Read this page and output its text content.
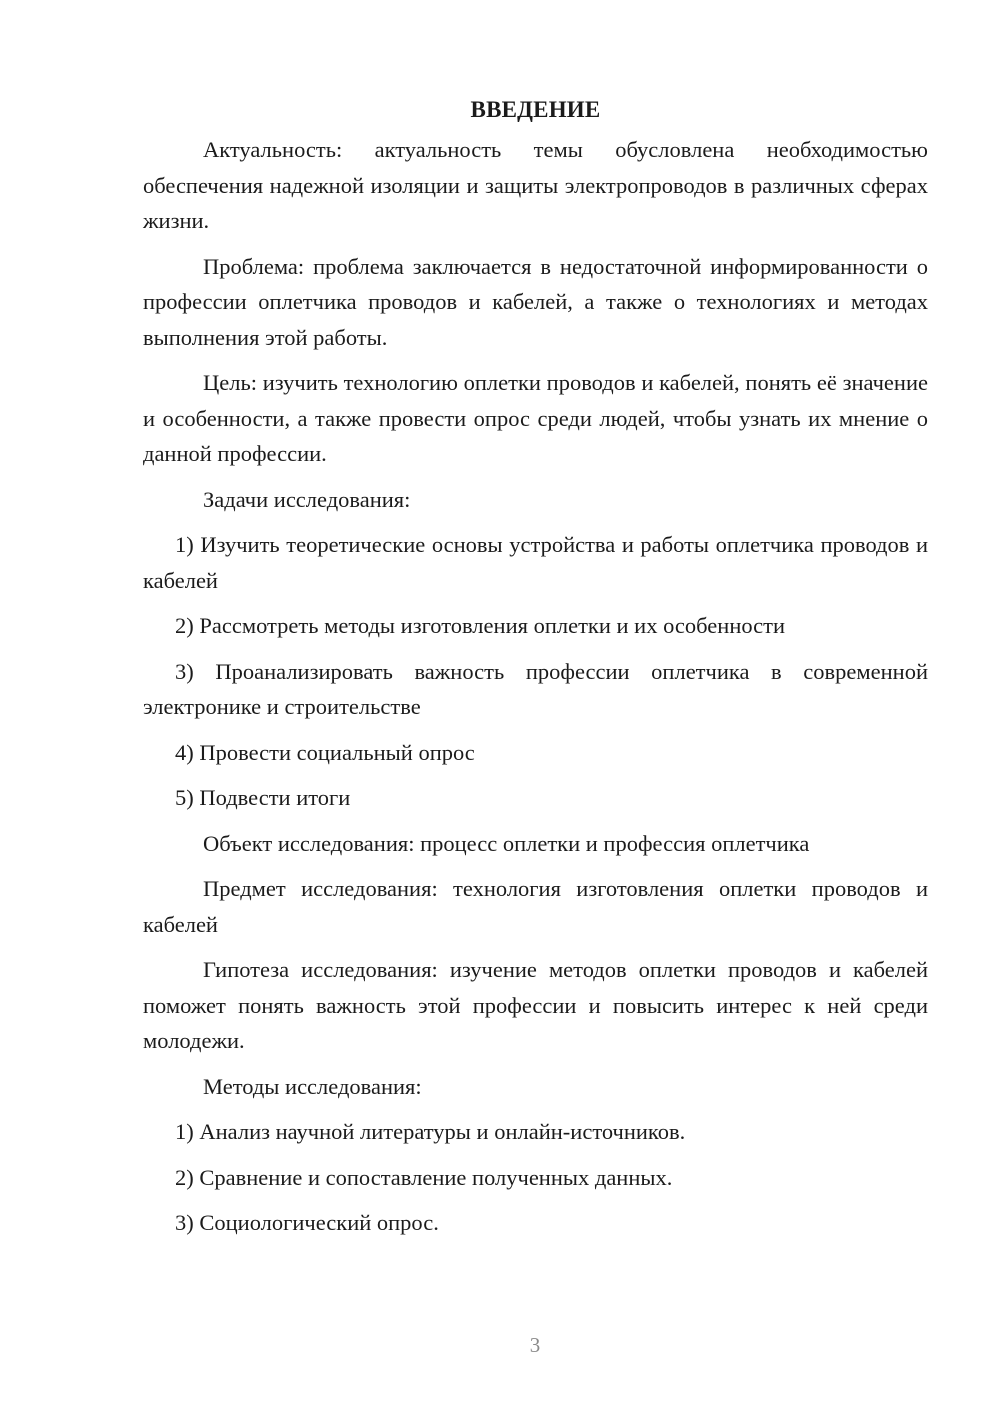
ВВЕДЕНИЕ

Актуальность: актуальность темы обусловлена необходимостью обеспечения надежной изоляции и защиты электропроводов в различных сферах жизни.

Проблема: проблема заключается в недостаточной информированности о профессии оплетчика проводов и кабелей, а также о технологиях и методах выполнения этой работы.

Цель: изучить технологию оплетки проводов и кабелей, понять её значение и особенности, а также провести опрос среди людей, чтобы узнать их мнение о данной профессии.

Задачи исследования:

1) Изучить теоретические основы устройства и работы оплетчика проводов и кабелей

2) Рассмотреть методы изготовления оплетки и их особенности

3) Проанализировать важность профессии оплетчика в современной электронике и строительстве

4) Провести социальный опрос

5) Подвести итоги

Объект исследования: процесс оплетки и профессия оплетчика

Предмет исследования: технология изготовления оплетки проводов и кабелей

Гипотеза исследования: изучение методов оплетки проводов и кабелей поможет понять важность этой профессии и повысить интерес к ней среди молодежи.

Методы исследования:

1) Анализ научной литературы и онлайн-источников.

2) Сравнение и сопоставление полученных данных.

3) Социологический опрос.

3
